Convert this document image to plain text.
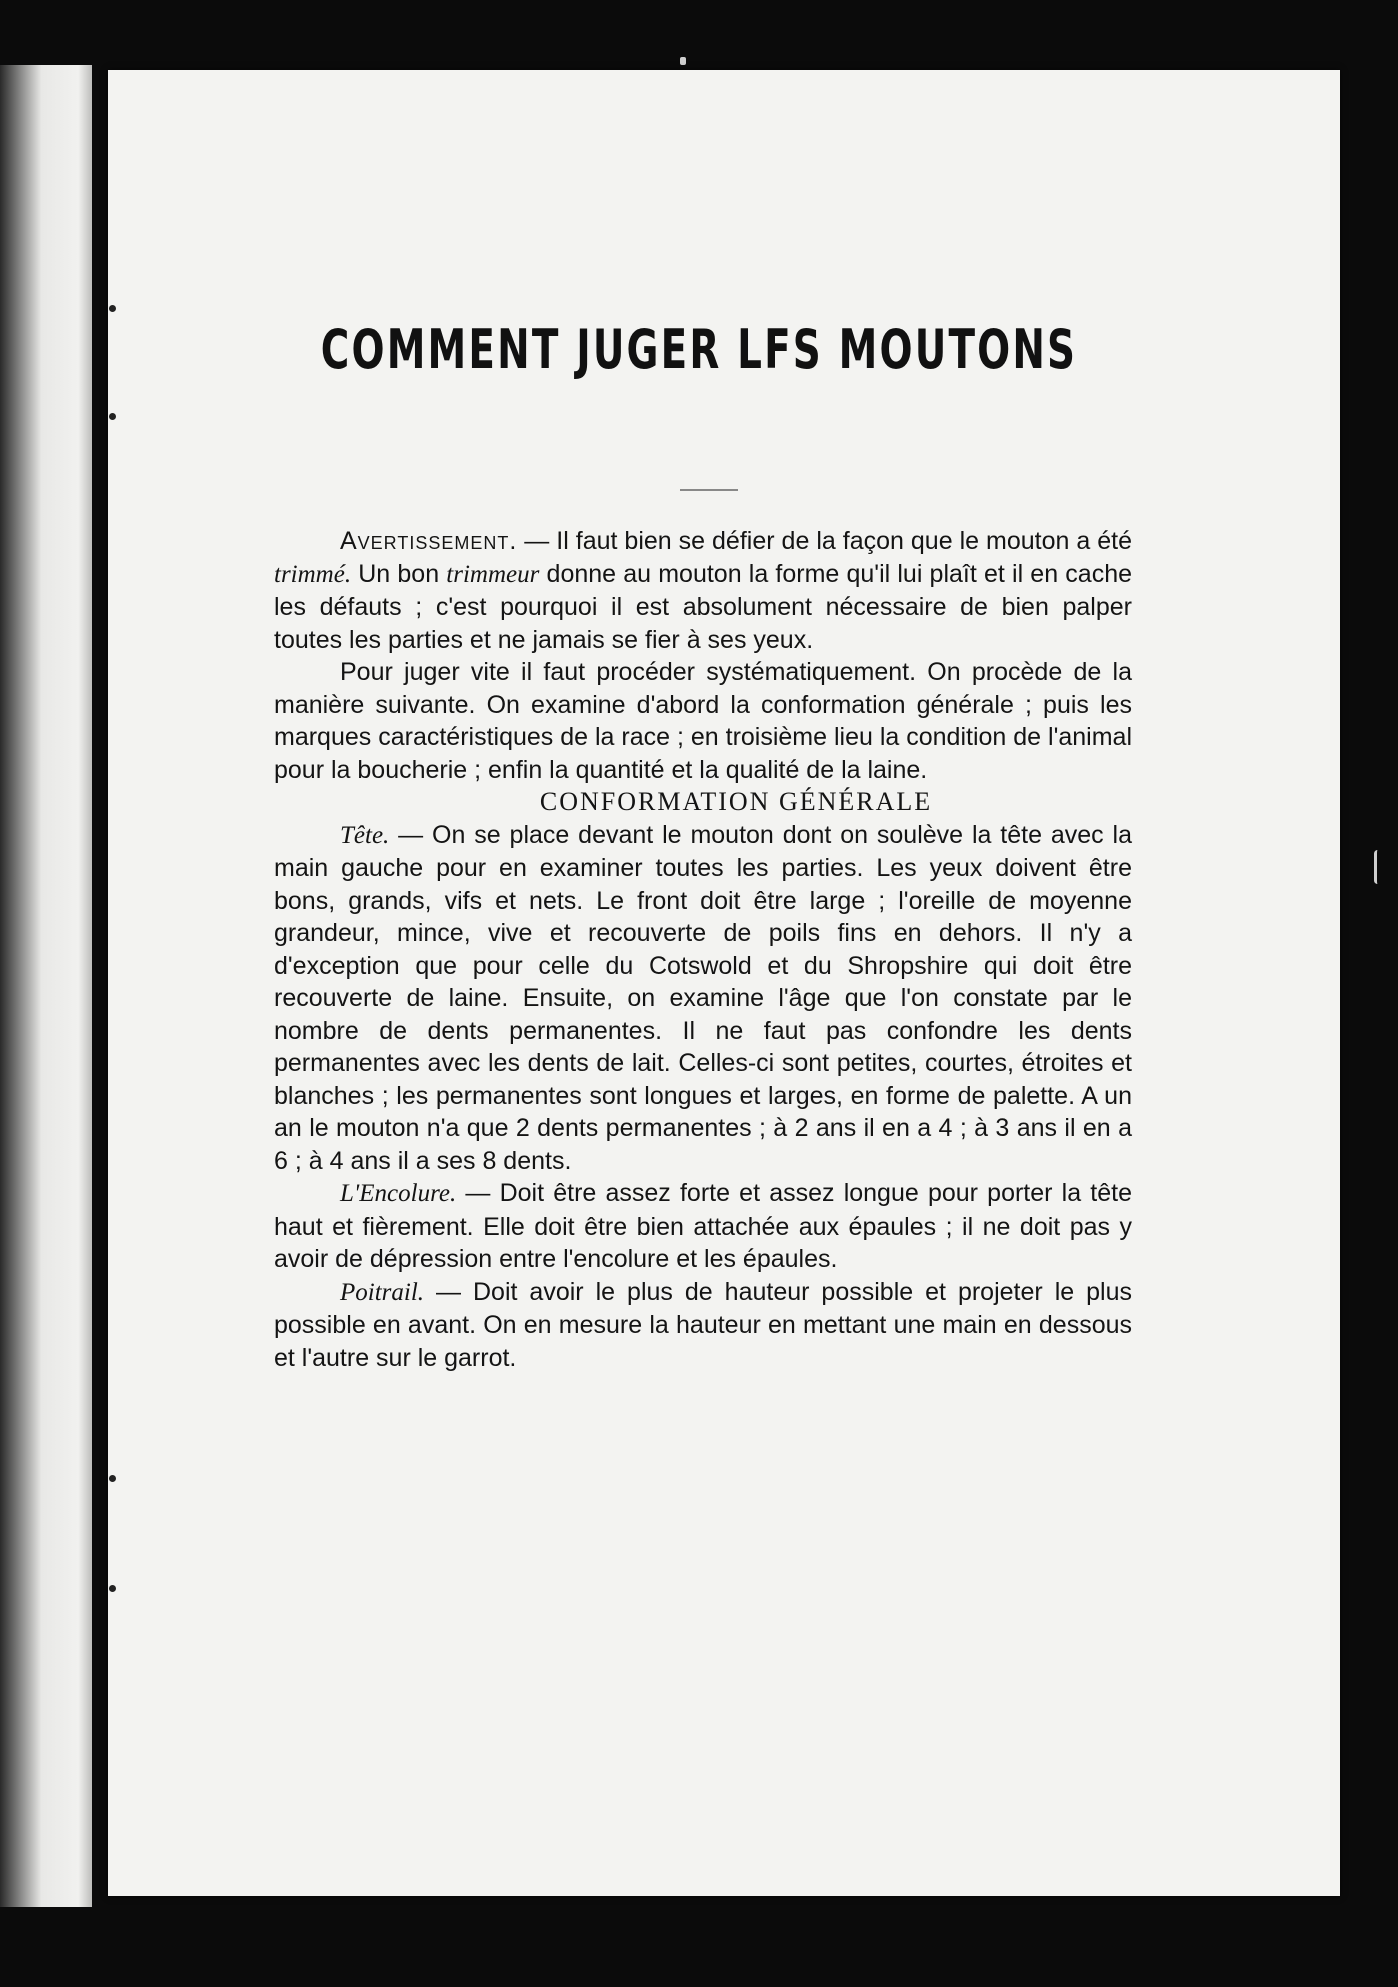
COMMENT JUGER LFS MOUTONS

Avertissement. — Il faut bien se défier de la façon que le mouton a été trimmé. Un bon trimmeur donne au mouton la forme qu'il lui plaît et il en cache les défauts ; c'est pourquoi il est absolument nécessaire de bien palper toutes les parties et ne jamais se fier à ses yeux.

Pour juger vite il faut procéder systématiquement. On procède de la manière suivante. On examine d'abord la conformation générale ; puis les marques caractéristiques de la race ; en troisième lieu la condition de l'animal pour la boucherie ; enfin la quantité et la qualité de la laine.

CONFORMATION GÉNÉRALE

Tête. — On se place devant le mouton dont on soulève la tête avec la main gauche pour en examiner toutes les parties. Les yeux doivent être bons, grands, vifs et nets. Le front doit être large ; l'oreille de moyenne grandeur, mince, vive et recouverte de poils fins en dehors. Il n'y a d'exception que pour celle du Cotswold et du Shropshire qui doit être recouverte de laine. Ensuite, on examine l'âge que l'on constate par le nombre de dents permanentes. Il ne faut pas confondre les dents permanentes avec les dents de lait. Celles-ci sont petites, courtes, étroites et blanches ; les permanentes sont longues et larges, en forme de palette. A un an le mouton n'a que 2 dents permanentes ; à 2 ans il en a 4 ; à 3 ans il en a 6 ; à 4 ans il a ses 8 dents.

L'Encolure. — Doit être assez forte et assez longue pour porter la tête haut et fièrement. Elle doit être bien attachée aux épaules ; il ne doit pas y avoir de dépression entre l'encolure et les épaules.

Poitrail. — Doit avoir le plus de hauteur possible et projeter le plus possible en avant. On en mesure la hauteur en mettant une main en dessous et l'autre sur le garrot.
